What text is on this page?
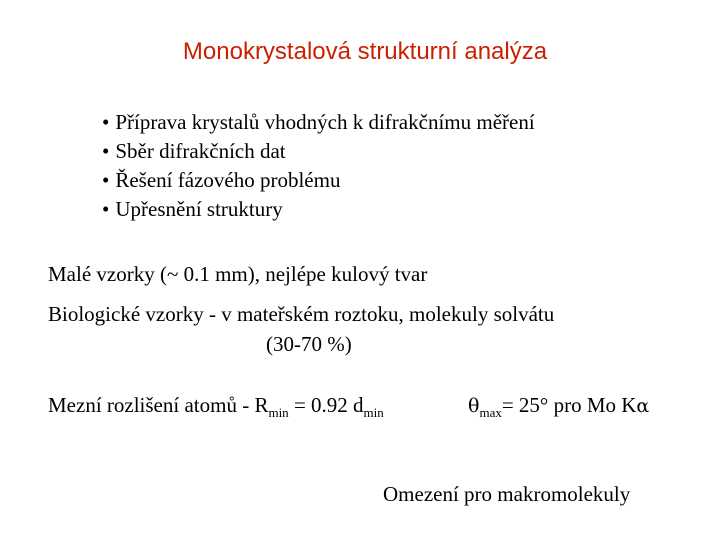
Monokrystalová strukturní analýza
• Příprava krystalů vhodných k difrakčnímu měření
• Sběr difrakčních dat
• Řešení fázového problému
• Upřesnění struktury
Malé vzorky (~ 0.1 mm), nejlépe kulový tvar
Biologické vzorky - v mateřském roztoku, molekuly solvátu
(30-70 %)
Mezní rozlišení atomů - $R_{min} = 0.92$ $d_{min}$	$\theta_{max}= 25^\circ$ pro Mo Kα
Omezení pro makromolekuly
